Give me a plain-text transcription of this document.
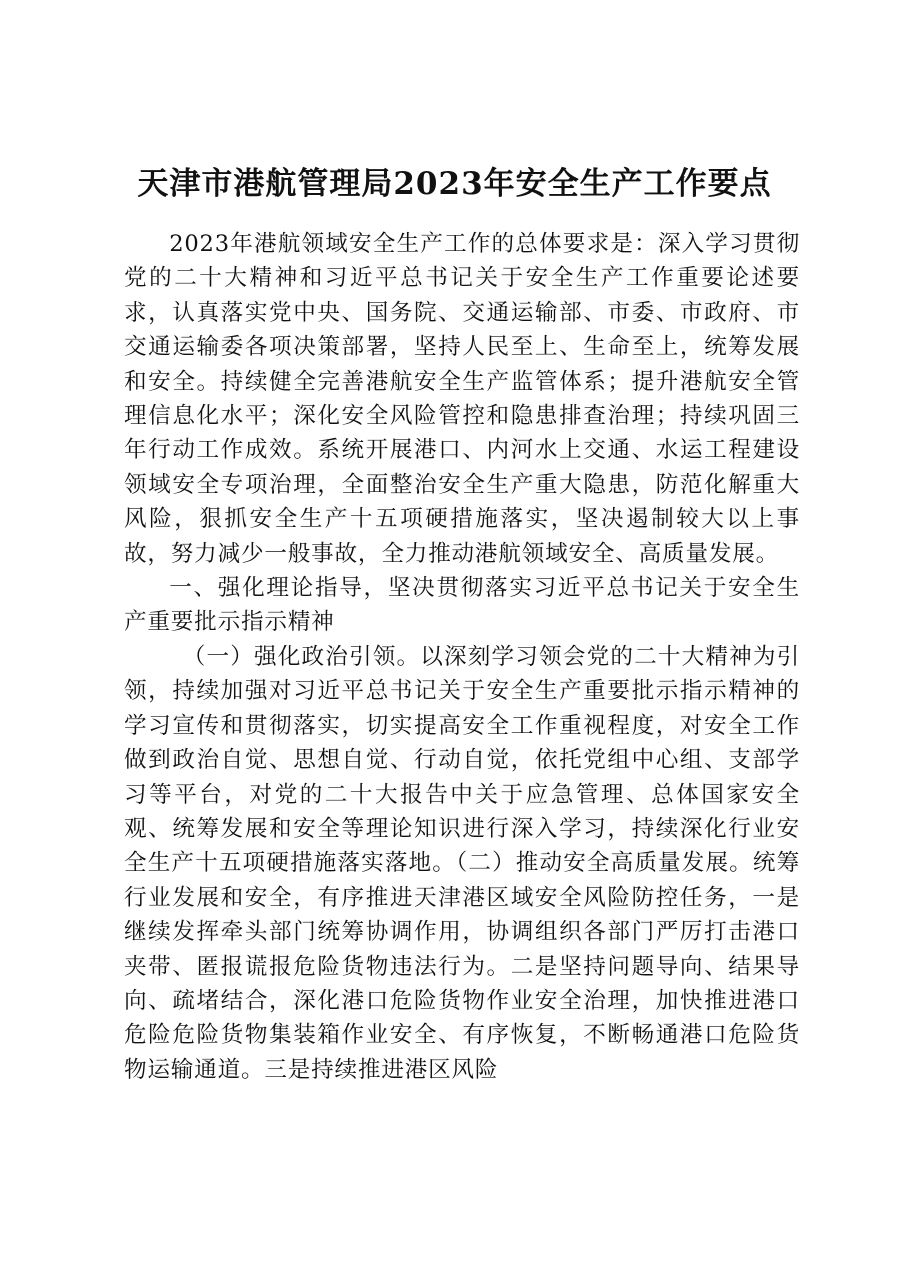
天津市港航管理局2023年安全生产工作要点

2023年港航领域安全生产工作的总体要求是：深入学习贯彻党的二十大精神和习近平总书记关于安全生产工作重要论述要求，认真落实党中央、国务院、交通运输部、市委、市政府、市交通运输委各项决策部署，坚持人民至上、生命至上，统筹发展和安全。持续健全完善港航安全生产监管体系；提升港航安全管理信息化水平；深化安全风险管控和隐患排查治理；持续巩固三年行动工作成效。系统开展港口、内河水上交通、水运工程建设领域安全专项治理，全面整治安全生产重大隐患，防范化解重大风险，狠抓安全生产十五项硬措施落实，坚决遏制较大以上事故，努力减少一般事故，全力推动港航领域安全、高质量发展。

一、强化理论指导，坚决贯彻落实习近平总书记关于安全生产重要批示指示精神

（一）强化政治引领。以深刻学习领会党的二十大精神为引领，持续加强对习近平总书记关于安全生产重要批示指示精神的学习宣传和贯彻落实，切实提高安全工作重视程度，对安全工作做到政治自觉、思想自觉、行动自觉，依托党组中心组、支部学习等平台，对党的二十大报告中关于应急管理、总体国家安全观、统筹发展和安全等理论知识进行深入学习，持续深化行业安全生产十五项硬措施落实落地。（二）推动安全高质量发展。统筹行业发展和安全，有序推进天津港区域安全风险防控任务，一是继续发挥牵头部门统筹协调作用，协调组织各部门严厉打击港口夹带、匿报谎报危险货物违法行为。二是坚持问题导向、结果导向、疏堵结合，深化港口危险货物作业安全治理，加快推进港口危险危险货物集装箱作业安全、有序恢复，不断畅通港口危险货物运输通道。三是持续推进港区风险
